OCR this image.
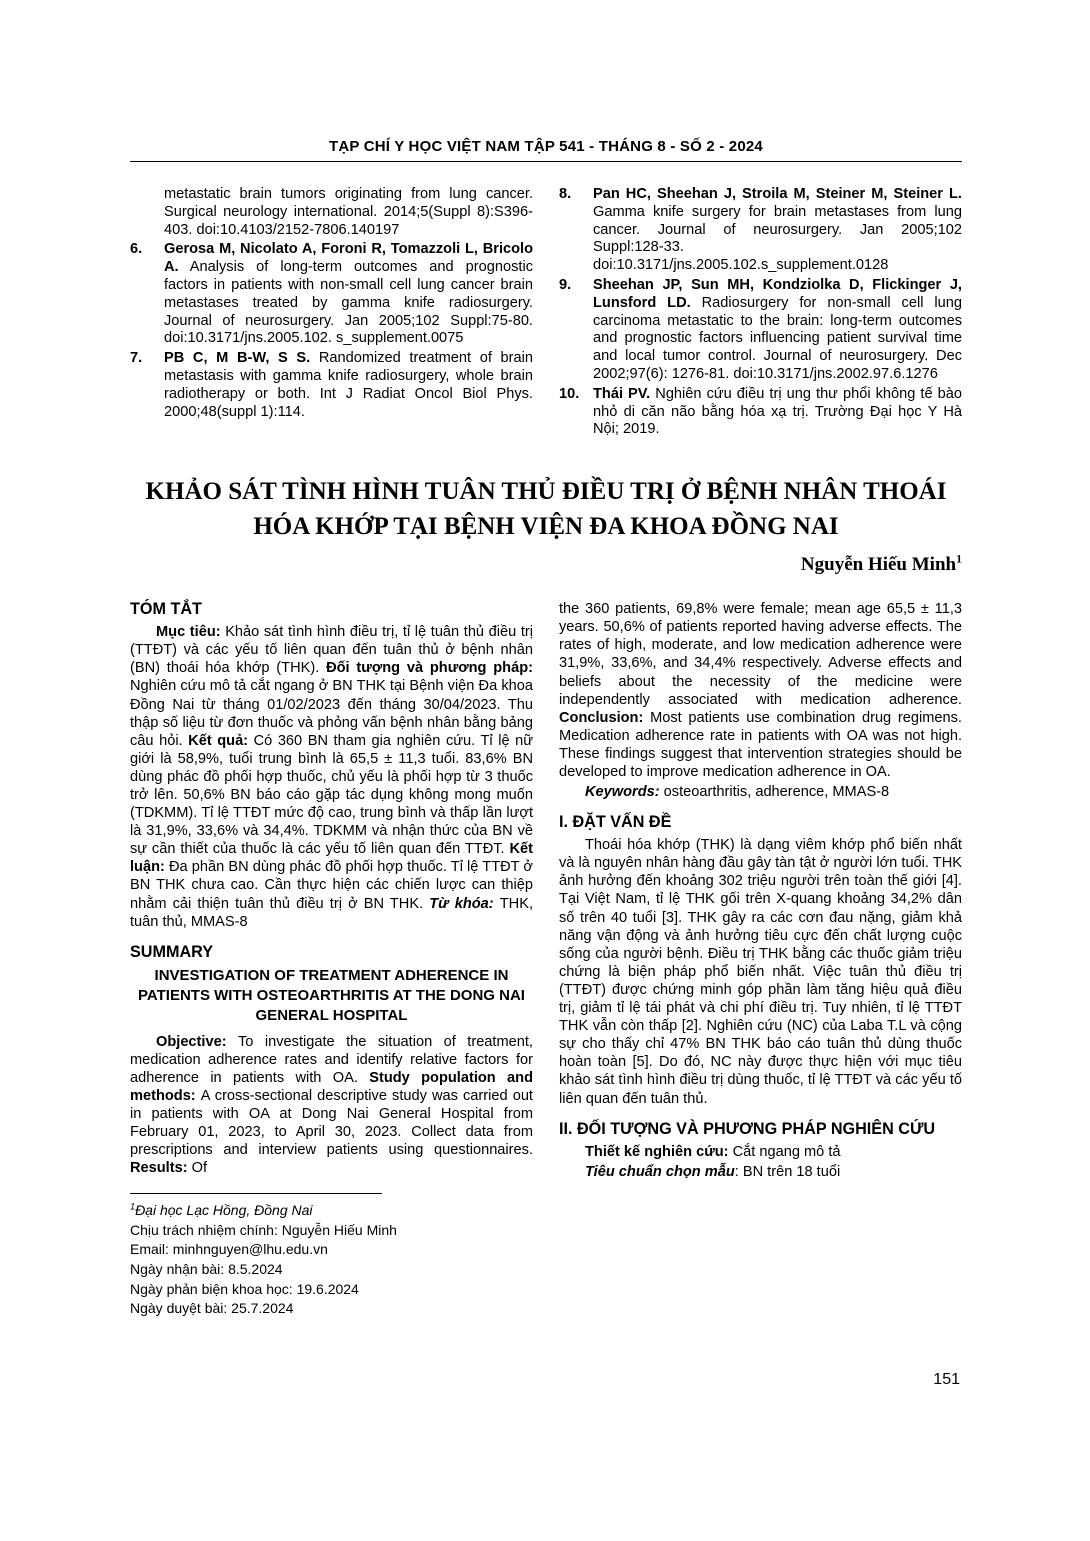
TẠP CHÍ Y HỌC VIỆT NAM TẬP 541 - THÁNG 8 - SỐ 2 - 2024
metastatic brain tumors originating from lung cancer. Surgical neurology international. 2014;5(Suppl 8):S396-403. doi:10.4103/2152-7806.140197
6.	Gerosa M, Nicolato A, Foroni R, Tomazzoli L, Bricolo A. Analysis of long-term outcomes and prognostic factors in patients with non-small cell lung cancer brain metastases treated by gamma knife radiosurgery. Journal of neurosurgery. Jan 2005;102 Suppl:75-80. doi:10.3171/jns.2005.102. s_supplement.0075
7.	PB C, M B-W, S S. Randomized treatment of brain metastasis with gamma knife radiosurgery, whole brain radiotherapy or both. Int J Radiat Oncol Biol Phys. 2000;48(suppl 1):114.
8.	Pan HC, Sheehan J, Stroila M, Steiner M, Steiner L. Gamma knife surgery for brain metastases from lung cancer. Journal of neurosurgery. Jan 2005;102 Suppl:128-33. doi:10.3171/jns.2005.102.s_supplement.0128
9.	Sheehan JP, Sun MH, Kondziolka D, Flickinger J, Lunsford LD. Radiosurgery for non-small cell lung carcinoma metastatic to the brain: long-term outcomes and prognostic factors influencing patient survival time and local tumor control. Journal of neurosurgery. Dec 2002;97(6): 1276-81. doi:10.3171/jns.2002.97.6.1276
10. Thái PV. Nghiên cứu điều trị ung thư phổi không tế bào nhỏ di căn não bằng hóa xạ trị. Trường Đại học Y Hà Nội; 2019.
KHẢO SÁT TÌNH HÌNH TUÂN THỦ ĐIỀU TRỊ Ở BỆNH NHÂN THOÁI HÓA KHỚP TẠI BỆNH VIỆN ĐA KHOA ĐỒNG NAI
Nguyễn Hiếu Minh$^1$
TÓM TẮT

Mục tiêu: Khảo sát tình hình điều trị, tỉ lệ tuân thủ điều trị (TTĐT) và các yếu tố liên quan đến tuân thủ ở bệnh nhân (BN) thoái hóa khớp (THK). Đối tượng và phương pháp: Nghiên cứu mô tả cắt ngang ở BN THK tại Bệnh viện Đa khoa Đồng Nai từ tháng 01/02/2023 đến tháng 30/04/2023. Thu thập số liệu từ đơn thuốc và phỏng vấn bệnh nhân bằng bảng câu hỏi. Kết quả: Có 360 BN tham gia nghiên cứu. Tỉ lệ nữ giới là 58,9%, tuổi trung bình là 65,5 ± 11,3 tuổi. 83,6% BN dùng phác đồ phối hợp thuốc, chủ yếu là phối hợp từ 3 thuốc trở lên. 50,6% BN báo cáo gặp tác dụng không mong muốn (TDKMM). Tỉ lệ TTĐT mức độ cao, trung bình và thấp lần lượt là 31,9%, 33,6% và 34,4%. TDKMM và nhận thức của BN về sự cần thiết của thuốc là các yếu tố liên quan đến TTĐT. Kết luận: Đa phần BN dùng phác đồ phối hợp thuốc. Tỉ lệ TTĐT ở BN THK chưa cao. Cần thực hiện các chiến lược can thiệp nhằm cải thiện tuân thủ điều trị ở BN THK. Từ khóa: THK, tuân thủ, MMAS-8

SUMMARY
INVESTIGATION OF TREATMENT ADHERENCE IN PATIENTS WITH OSTEOARTHRITIS AT THE DONG NAI GENERAL HOSPITAL

Objective: To investigate the situation of treatment, medication adherence rates and identify relative factors for adherence in patients with OA. Study population and methods: A cross-sectional descriptive study was carried out in patients with OA at Dong Nai General Hospital from February 01, 2023, to April 30, 2023. Collect data from prescriptions and interview patients using questionnaires. Results: Of

$^1$Đại học Lạc Hồng, Đồng Nai
Chịu trách nhiệm chính: Nguyễn Hiếu Minh
Email: minhnguyen@lhu.edu.vn
Ngày nhận bài: 8.5.2024
Ngày phản biện khoa học: 19.6.2024
Ngày duyệt bài: 25.7.2024

the 360 patients, 69,8% were female; mean age 65,5 ± 11,3 years. 50,6% of patients reported having adverse effects. The rates of high, moderate, and low medication adherence were 31,9%, 33,6%, and 34,4% respectively. Adverse effects and beliefs about the necessity of the medicine were independently associated with medication adherence. Conclusion: Most patients use combination drug regimens. Medication adherence rate in patients with OA was not high. These findings suggest that intervention strategies should be developed to improve medication adherence in OA.

Keywords: osteoarthritis, adherence, MMAS-8

I. ĐẶT VẤN ĐỀ

Thoái hóa khớp (THK) là dạng viêm khớp phổ biến nhất và là nguyên nhân hàng đầu gây tàn tật ở người lớn tuổi. THK ảnh hưởng đến khoảng 302 triệu người trên toàn thế giới [4]. Tại Việt Nam, tỉ lệ THK gối trên X-quang khoảng 34,2% dân số trên 40 tuổi [3]. THK gây ra các cơn đau nặng, giảm khả năng vận động và ảnh hưởng tiêu cực đến chất lượng cuộc sống của người bệnh. Điều trị THK bằng các thuốc giảm triệu chứng là biện pháp phổ biến nhất. Việc tuân thủ điều trị (TTĐT) được chứng minh góp phần làm tăng hiệu quả điều trị, giảm tỉ lệ tái phát và chi phí điều trị. Tuy nhiên, tỉ lệ TTĐT THK vẫn còn thấp [2]. Nghiên cứu (NC) của Laba T.L và cộng sự cho thấy chỉ 47% BN THK báo cáo tuân thủ dùng thuốc hoàn toàn [5]. Do đó, NC này được thực hiện với mục tiêu khảo sát tình hình điều trị dùng thuốc, tỉ lệ TTĐT và các yếu tố liên quan đến tuân thủ.

II. ĐỐI TƯỢNG VÀ PHƯƠNG PHÁP NGHIÊN CỨU

Thiết kế nghiên cứu: Cắt ngang mô tả

Tiêu chuẩn chọn mẫu: BN trên 18 tuổi

151
